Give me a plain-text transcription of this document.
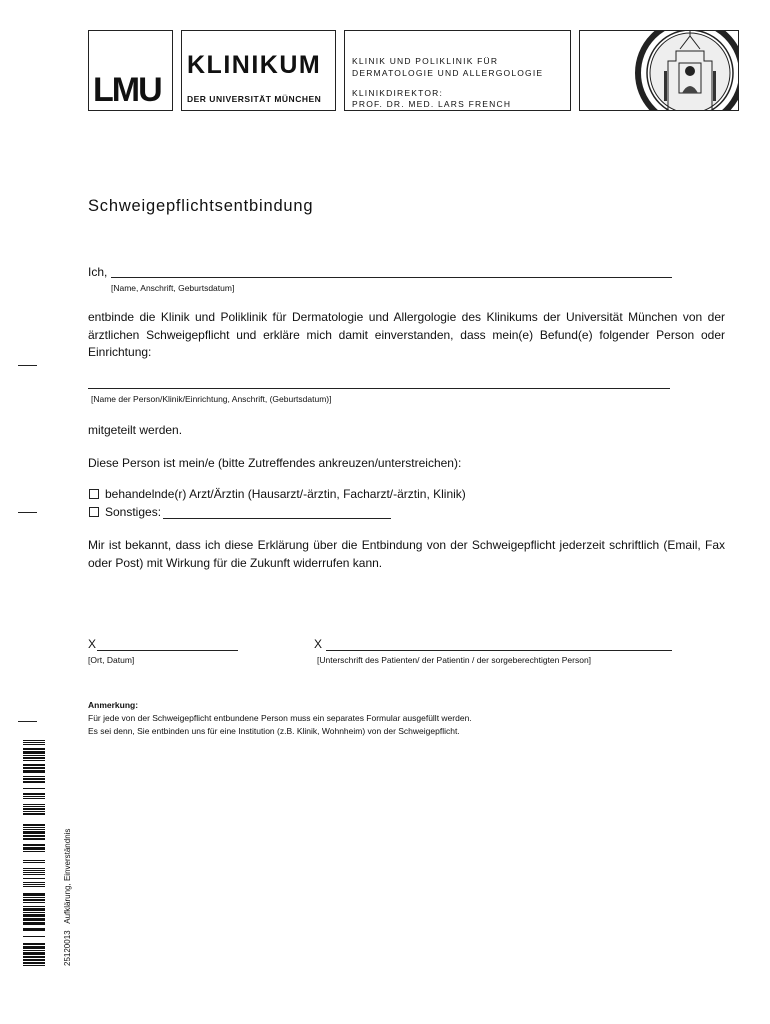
LMU
KLINIKUM
DER UNIVERSITÄT MÜNCHEN
KLINIK UND POLIKLINIK FÜR
DERMATOLOGIE UND ALLERGOLOGIE
KLINIKDIREKTOR:
PROF. DR. MED. LARS FRENCH
Schweigepflichtsentbindung
Ich,
[Name, Anschrift, Geburtsdatum]
entbinde die Klinik und Poliklinik für Dermatologie und Allergologie des Klinikums der Universität München von der ärztlichen Schweigepflicht und erkläre mich damit einverstanden, dass mein(e) Befund(e) folgender Person oder Einrichtung:
[Name der Person/Klinik/Einrichtung, Anschrift, (Geburtsdatum)]
mitgeteilt werden.
Diese Person ist mein/e (bitte Zutreffendes ankreuzen/unterstreichen):
behandelnde(r) Arzt/Ärztin (Hausarzt/-ärztin, Facharzt/-ärztin, Klinik)
Sonstiges:
Mir ist bekannt, dass ich diese Erklärung über die Entbindung von der Schweigepflicht jederzeit schriftlich (Email, Fax oder Post) mit Wirkung für die Zukunft widerrufen kann.
X
[Ort, Datum]
X
[Unterschrift des Patienten/ der Patientin / der sorgeberechtigten Person]
Anmerkung:
Für jede von der Schweigepflicht entbundene Person muss ein separates Formular ausgefüllt werden.
Es sei denn, Sie entbinden uns für eine Institution (z.B. Klinik, Wohnheim) von der Schweigepflicht.
25120013   Aufklärung, Einverständnis
